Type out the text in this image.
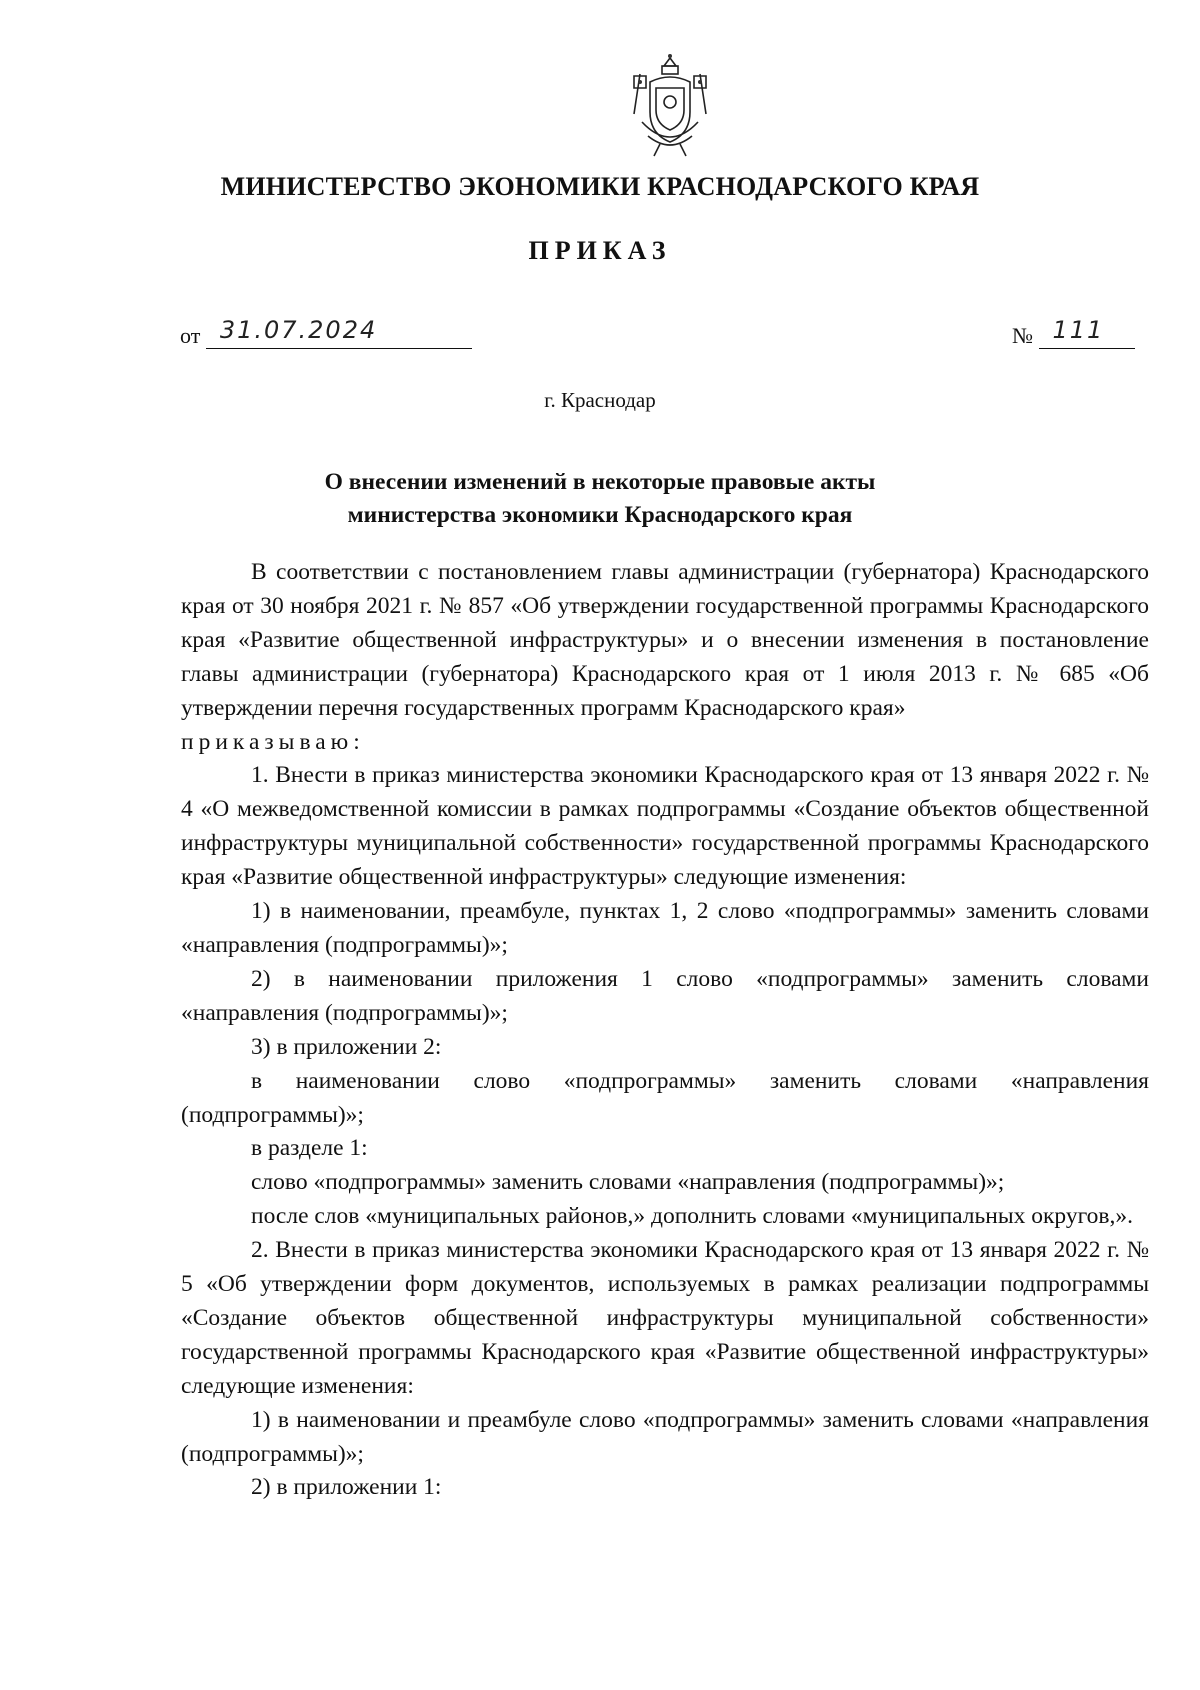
МИНИСТЕРСТВО ЭКОНОМИКИ КРАСНОДАРСКОГО КРАЯ
ПРИКАЗ
от 31.07.2024	№ 111
г. Краснодар
О внесении изменений в некоторые правовые акты
министерства экономики Краснодарского края

В соответствии с постановлением главы администрации (губернатора) Краснодарского края от 30 ноября 2021 г. № 857 «Об утверждении государственной программы Краснодарского края «Развитие общественной инфраструктуры» и о внесении изменения в постановление главы администрации (губернатора) Краснодарского края от 1 июля 2013 г. № 685 «Об утверждении перечня государственных программ Краснодарского края»

приказываю:

1. Внести в приказ министерства экономики Краснодарского края от 13 января 2022 г. № 4 «О межведомственной комиссии в рамках подпрограммы «Создание объектов общественной инфраструктуры муниципальной собственности» государственной программы Краснодарского края «Развитие общественной инфраструктуры» следующие изменения:

1) в наименовании, преамбуле, пунктах 1, 2 слово «подпрограммы» заменить словами «направления (подпрограммы)»;

2) в наименовании приложения 1 слово «подпрограммы» заменить словами «направления (подпрограммы)»;

3) в приложении 2:

в наименовании слово «подпрограммы» заменить словами «направления (подпрограммы)»;

в разделе 1:

слово «подпрограммы» заменить словами «направления (подпрограммы)»;

после слов «муниципальных районов,» дополнить словами «муниципальных округов,».

2. Внести в приказ министерства экономики Краснодарского края от 13 января 2022 г. № 5 «Об утверждении форм документов, используемых в рамках реализации подпрограммы «Создание объектов общественной инфраструктуры муниципальной собственности» государственной программы Краснодарского края «Развитие общественной инфраструктуры» следующие изменения:

1) в наименовании и преамбуле слово «подпрограммы» заменить словами «направления (подпрограммы)»;

2) в приложении 1:
